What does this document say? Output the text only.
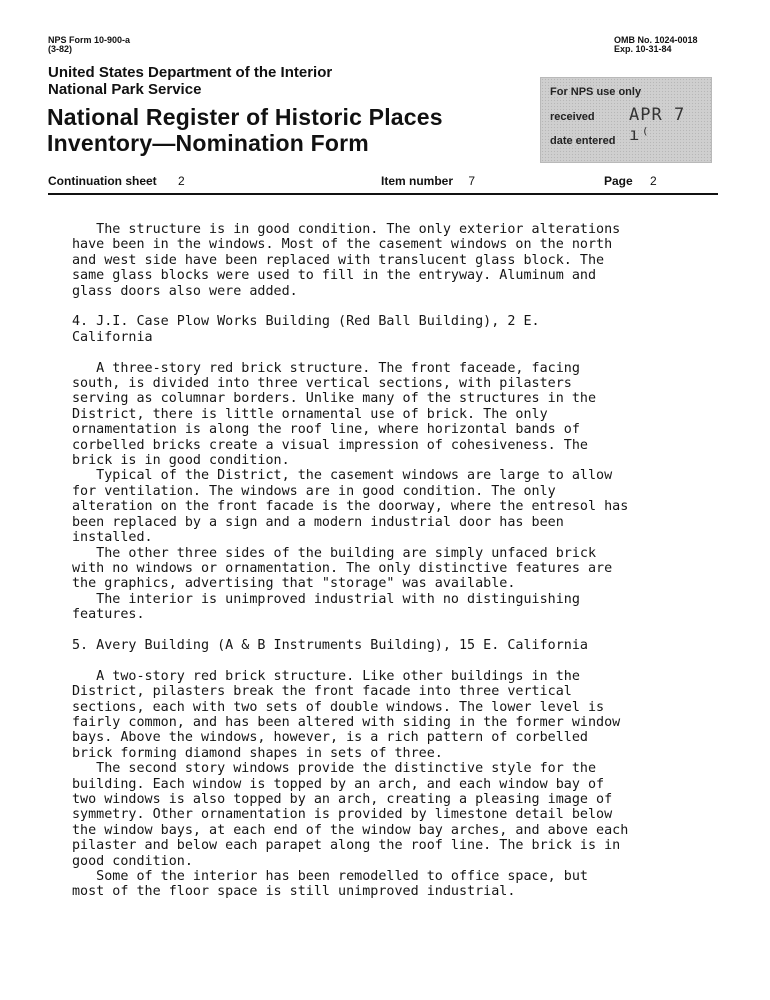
NPS Form 10-900-a
(3-82)
OMB No. 1024-0018
Exp. 10-31-84
United States Department of the Interior
National Park Service
National Register of Historic Places
Inventory—Nomination Form
For NPS use only
received APR 7 ı⁽
date entered
Continuation sheet 2	Item number 7	Page 2

The structure is in good condition. The only exterior alterations

have been in the windows. Most of the casement windows on the north

and west side have been replaced with translucent glass block. The

same glass blocks were used to fill in the entryway. Aluminum and

glass doors also were added.

4. J.I. Case Plow Works Building (Red Ball Building), 2 E.

California

A three-story red brick structure. The front faceade, facing

south, is divided into three vertical sections, with pilasters

serving as columnar borders. Unlike many of the structures in the

District, there is little ornamental use of brick. The only

ornamentation is along the roof line, where horizontal bands of

corbelled bricks create a visual impression of cohesiveness. The

brick is in good condition.

Typical of the District, the casement windows are large to allow

for ventilation. The windows are in good condition. The only

alteration on the front facade is the doorway, where the entresol has

been replaced by a sign and a modern industrial door has been

installed.

The other three sides of the building are simply unfaced brick

with no windows or ornamentation. The only distinctive features are

the graphics, advertising that "storage" was available.

The interior is unimproved industrial with no distinguishing

features.

5. Avery Building (A & B Instruments Building), 15 E. California

A two-story red brick structure. Like other buildings in the

District, pilasters break the front facade into three vertical

sections, each with two sets of double windows. The lower level is

fairly common, and has been altered with siding in the former window

bays. Above the windows, however, is a rich pattern of corbelled

brick forming diamond shapes in sets of three.

The second story windows provide the distinctive style for the

building. Each window is topped by an arch, and each window bay of

two windows is also topped by an arch, creating a pleasing image of

symmetry. Other ornamentation is provided by limestone detail below

the window bays, at each end of the window bay arches, and above each

pilaster and below each parapet along the roof line. The brick is in

good condition.

Some of the interior has been remodelled to office space, but

most of the floor space is still unimproved industrial.
